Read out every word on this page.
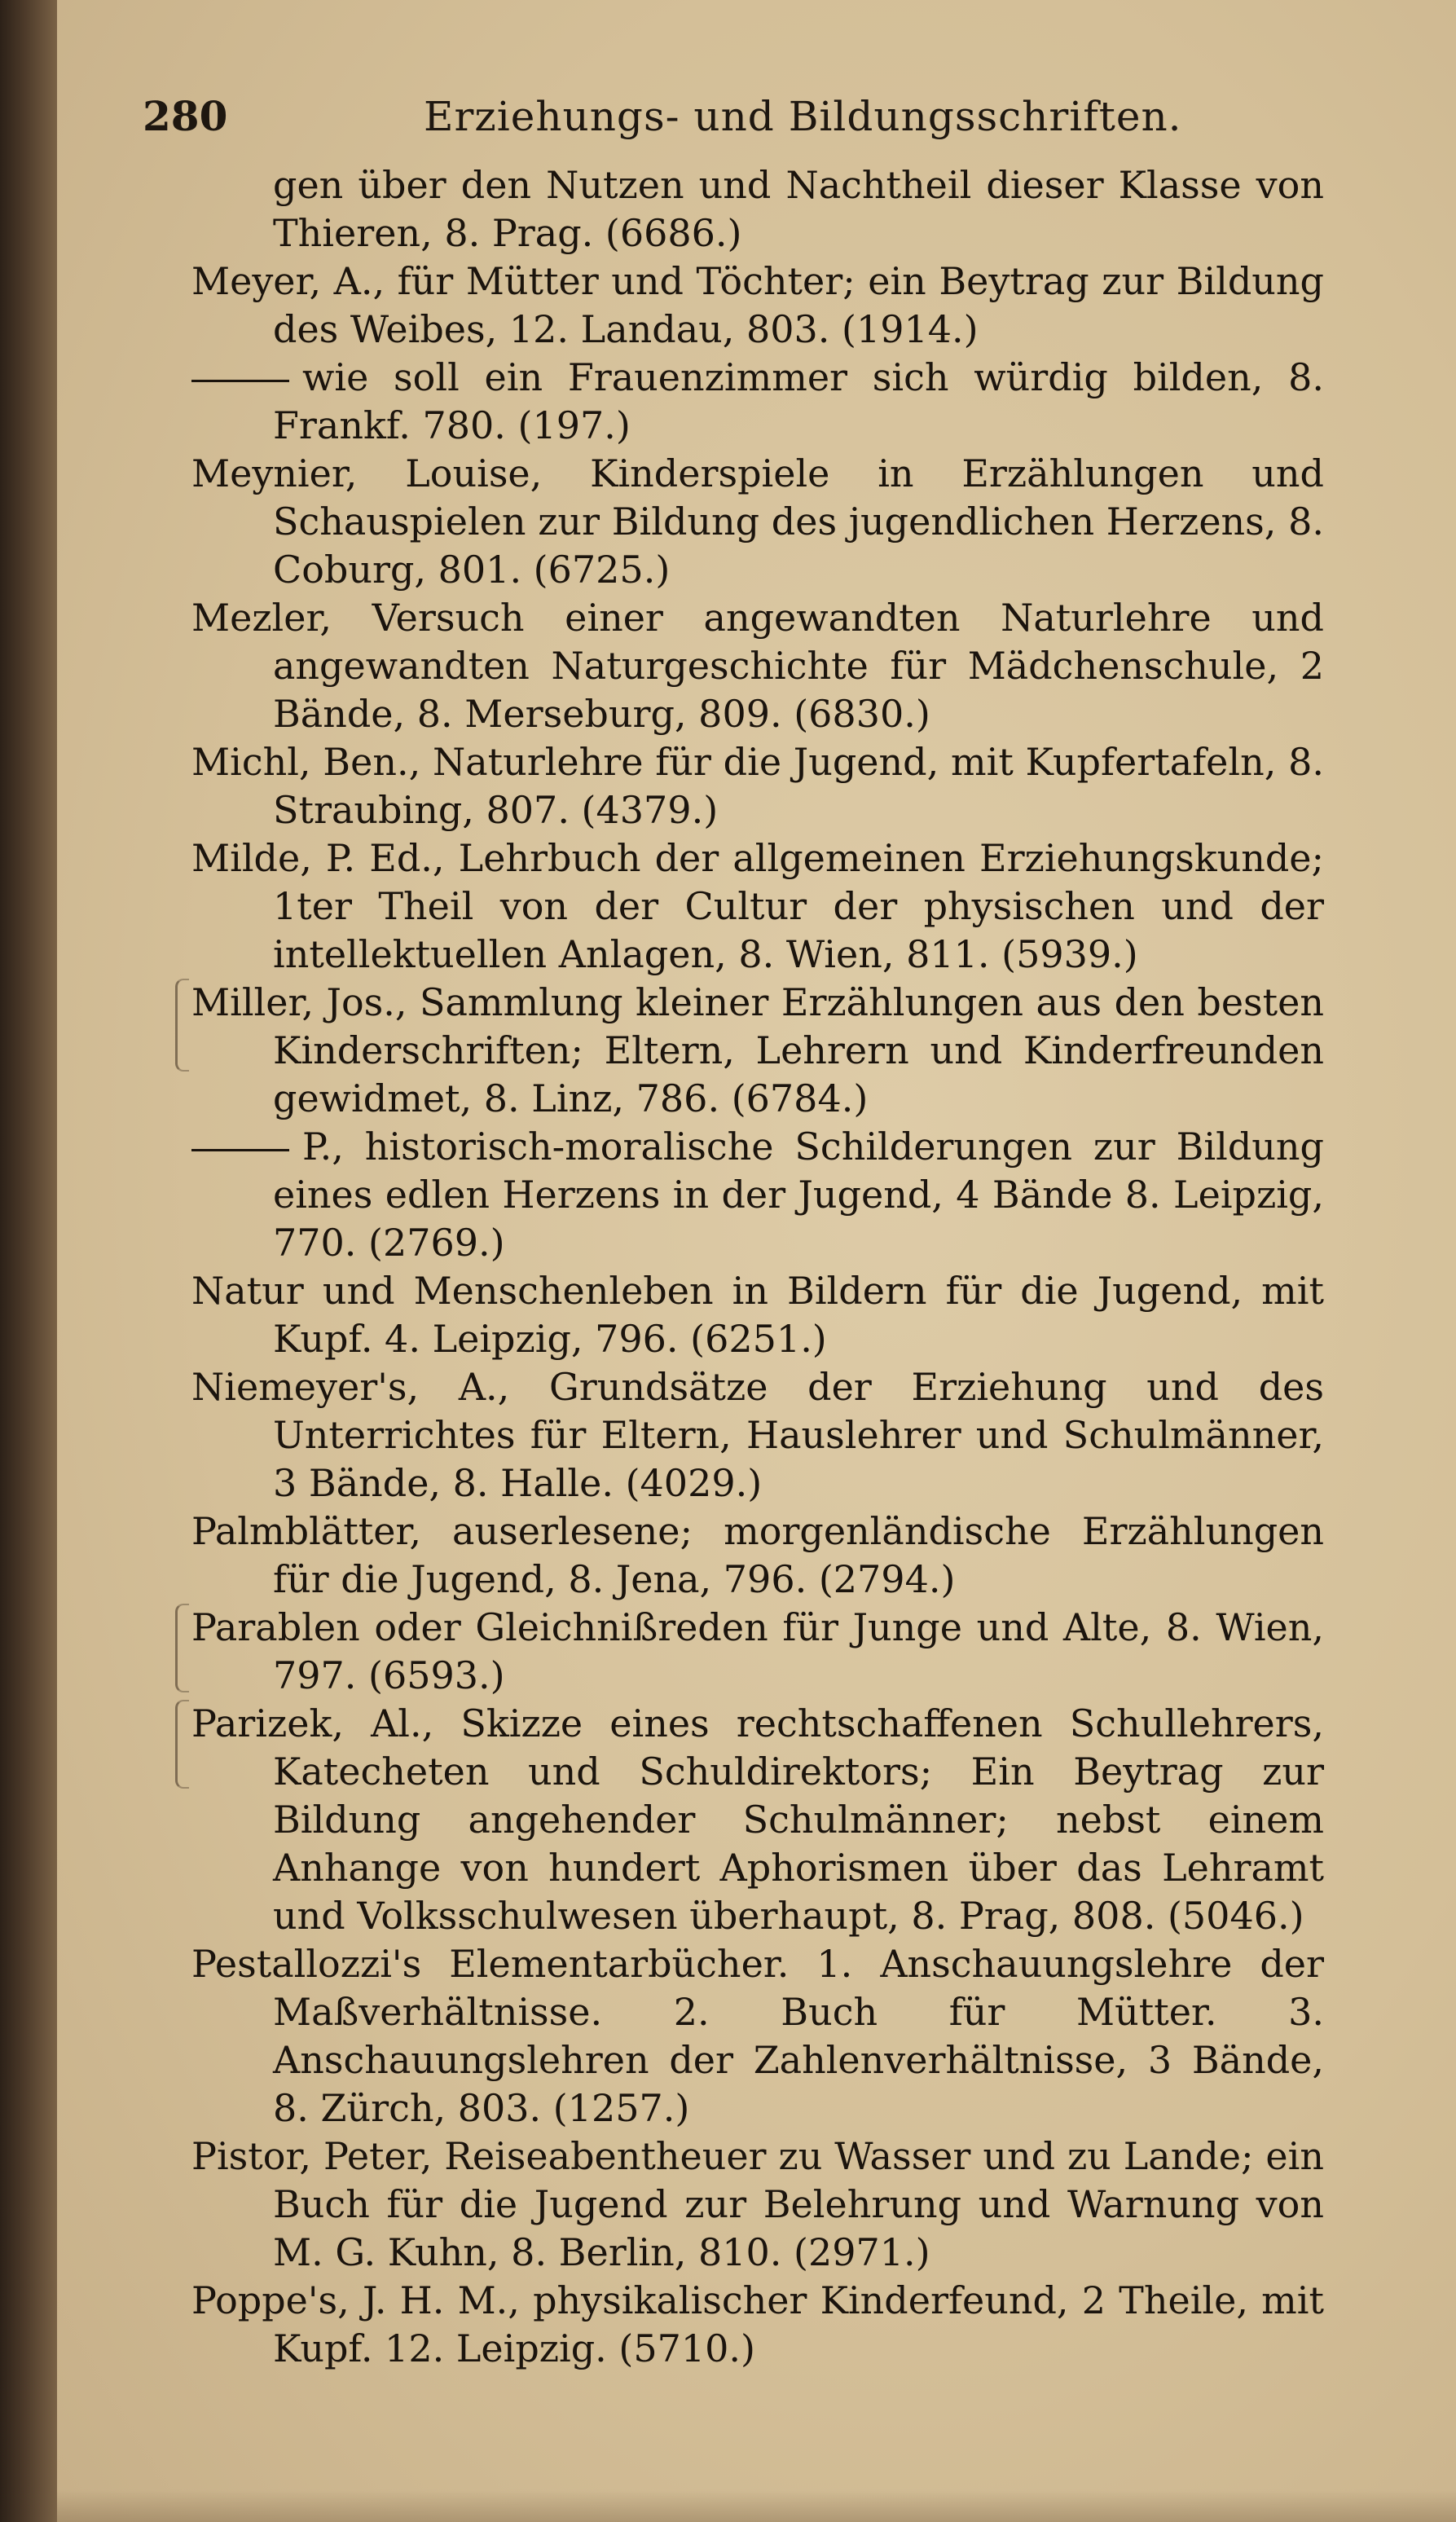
280	Erziehungs- und Bildungsschriften.

gen über den Nutzen und Nachtheil dieser Klasse von Thieren, 8. Prag. (6686.)

Meyer, A., für Mütter und Töchter; ein Beytrag zur Bildung des Weibes, 12. Landau, 803. (1914.)

wie soll ein Frauenzimmer sich würdig bilden, 8. Frankf. 780. (197.)

Meynier, Louise, Kinderspiele in Erzählungen und Schauspielen zur Bildung des jugendlichen Herzens, 8. Coburg, 801. (6725.)

Mezler, Versuch einer angewandten Naturlehre und angewandten Naturgeschichte für Mädchenschule, 2 Bände, 8. Merseburg, 809. (6830.)

Michl, Ben., Naturlehre für die Jugend, mit Kupfertafeln, 8. Straubing, 807. (4379.)

Milde, P. Ed., Lehrbuch der allgemeinen Erziehungskunde; 1ter Theil von der Cultur der physischen und der intellektuellen Anlagen, 8. Wien, 811. (5939.)

Miller, Jos., Sammlung kleiner Erzählungen aus den besten Kinderschriften; Eltern, Lehrern und Kinderfreunden gewidmet, 8. Linz, 786. (6784.)

P., historisch-moralische Schilderungen zur Bildung eines edlen Herzens in der Jugend, 4 Bände 8. Leipzig, 770. (2769.)

Natur und Menschenleben in Bildern für die Jugend, mit Kupf. 4. Leipzig, 796. (6251.)

Niemeyer's, A., Grundsätze der Erziehung und des Unterrichtes für Eltern, Hauslehrer und Schulmänner, 3 Bände, 8. Halle. (4029.)

Palmblätter, auserlesene; morgenländische Erzählungen für die Jugend, 8. Jena, 796. (2794.)

Parablen oder Gleichnißreden für Junge und Alte, 8. Wien, 797. (6593.)

Parizek, Al., Skizze eines rechtschaffenen Schullehrers, Katecheten und Schuldirektors; Ein Beytrag zur Bildung angehender Schulmänner; nebst einem Anhange von hundert Aphorismen über das Lehramt und Volksschulwesen überhaupt, 8. Prag, 808. (5046.)

Pestallozzi's Elementarbücher. 1. Anschauungslehre der Maßverhältnisse. 2. Buch für Mütter. 3. Anschauungslehren der Zahlenverhältnisse, 3 Bände, 8. Zürch, 803. (1257.)

Pistor, Peter, Reiseabentheuer zu Wasser und zu Lande; ein Buch für die Jugend zur Belehrung und Warnung von M. G. Kuhn, 8. Berlin, 810. (2971.)

Poppe's, J. H. M., physikalischer Kinderfeund, 2 Theile, mit Kupf. 12. Leipzig. (5710.)
